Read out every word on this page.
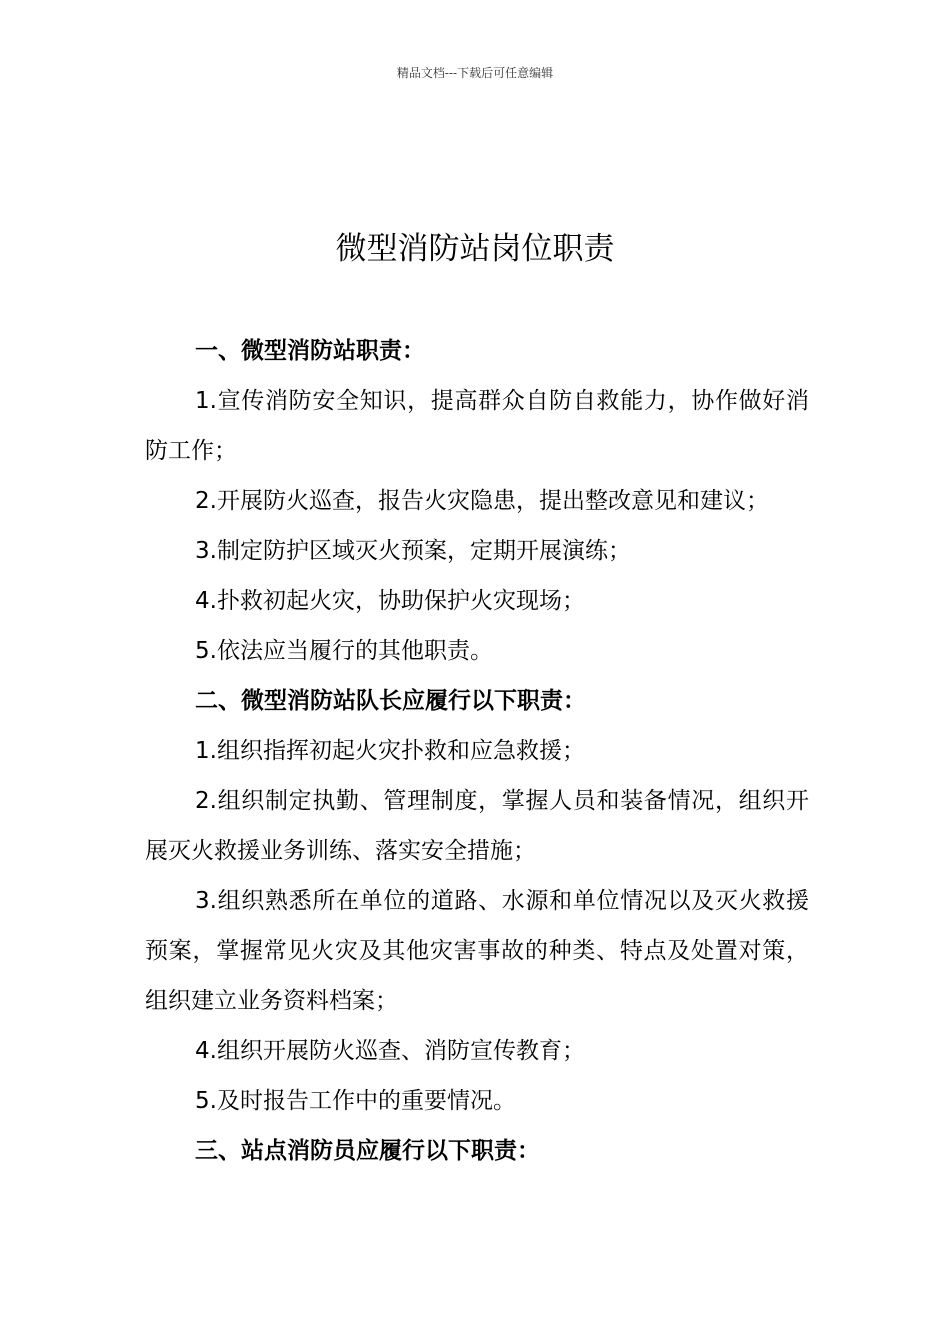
精品文档---下载后可任意编辑
微型消防站岗位职责

一、微型消防站职责：

1.宣传消防安全知识，提高群众自防自救能力，协作做好消防工作；

2.开展防火巡查，报告火灾隐患，提出整改意见和建议；

3.制定防护区域灭火预案，定期开展演练；

4.扑救初起火灾，协助保护火灾现场；

5.依法应当履行的其他职责。

二、微型消防站队长应履行以下职责：

1.组织指挥初起火灾扑救和应急救援；

2.组织制定执勤、管理制度，掌握人员和装备情况，组织开展灭火救援业务训练、落实安全措施；

3.组织熟悉所在单位的道路、水源和单位情况以及灭火救援预案，掌握常见火灾及其他灾害事故的种类、特点及处置对策，组织建立业务资料档案；

4.组织开展防火巡查、消防宣传教育；

5.及时报告工作中的重要情况。

三、站点消防员应履行以下职责：
